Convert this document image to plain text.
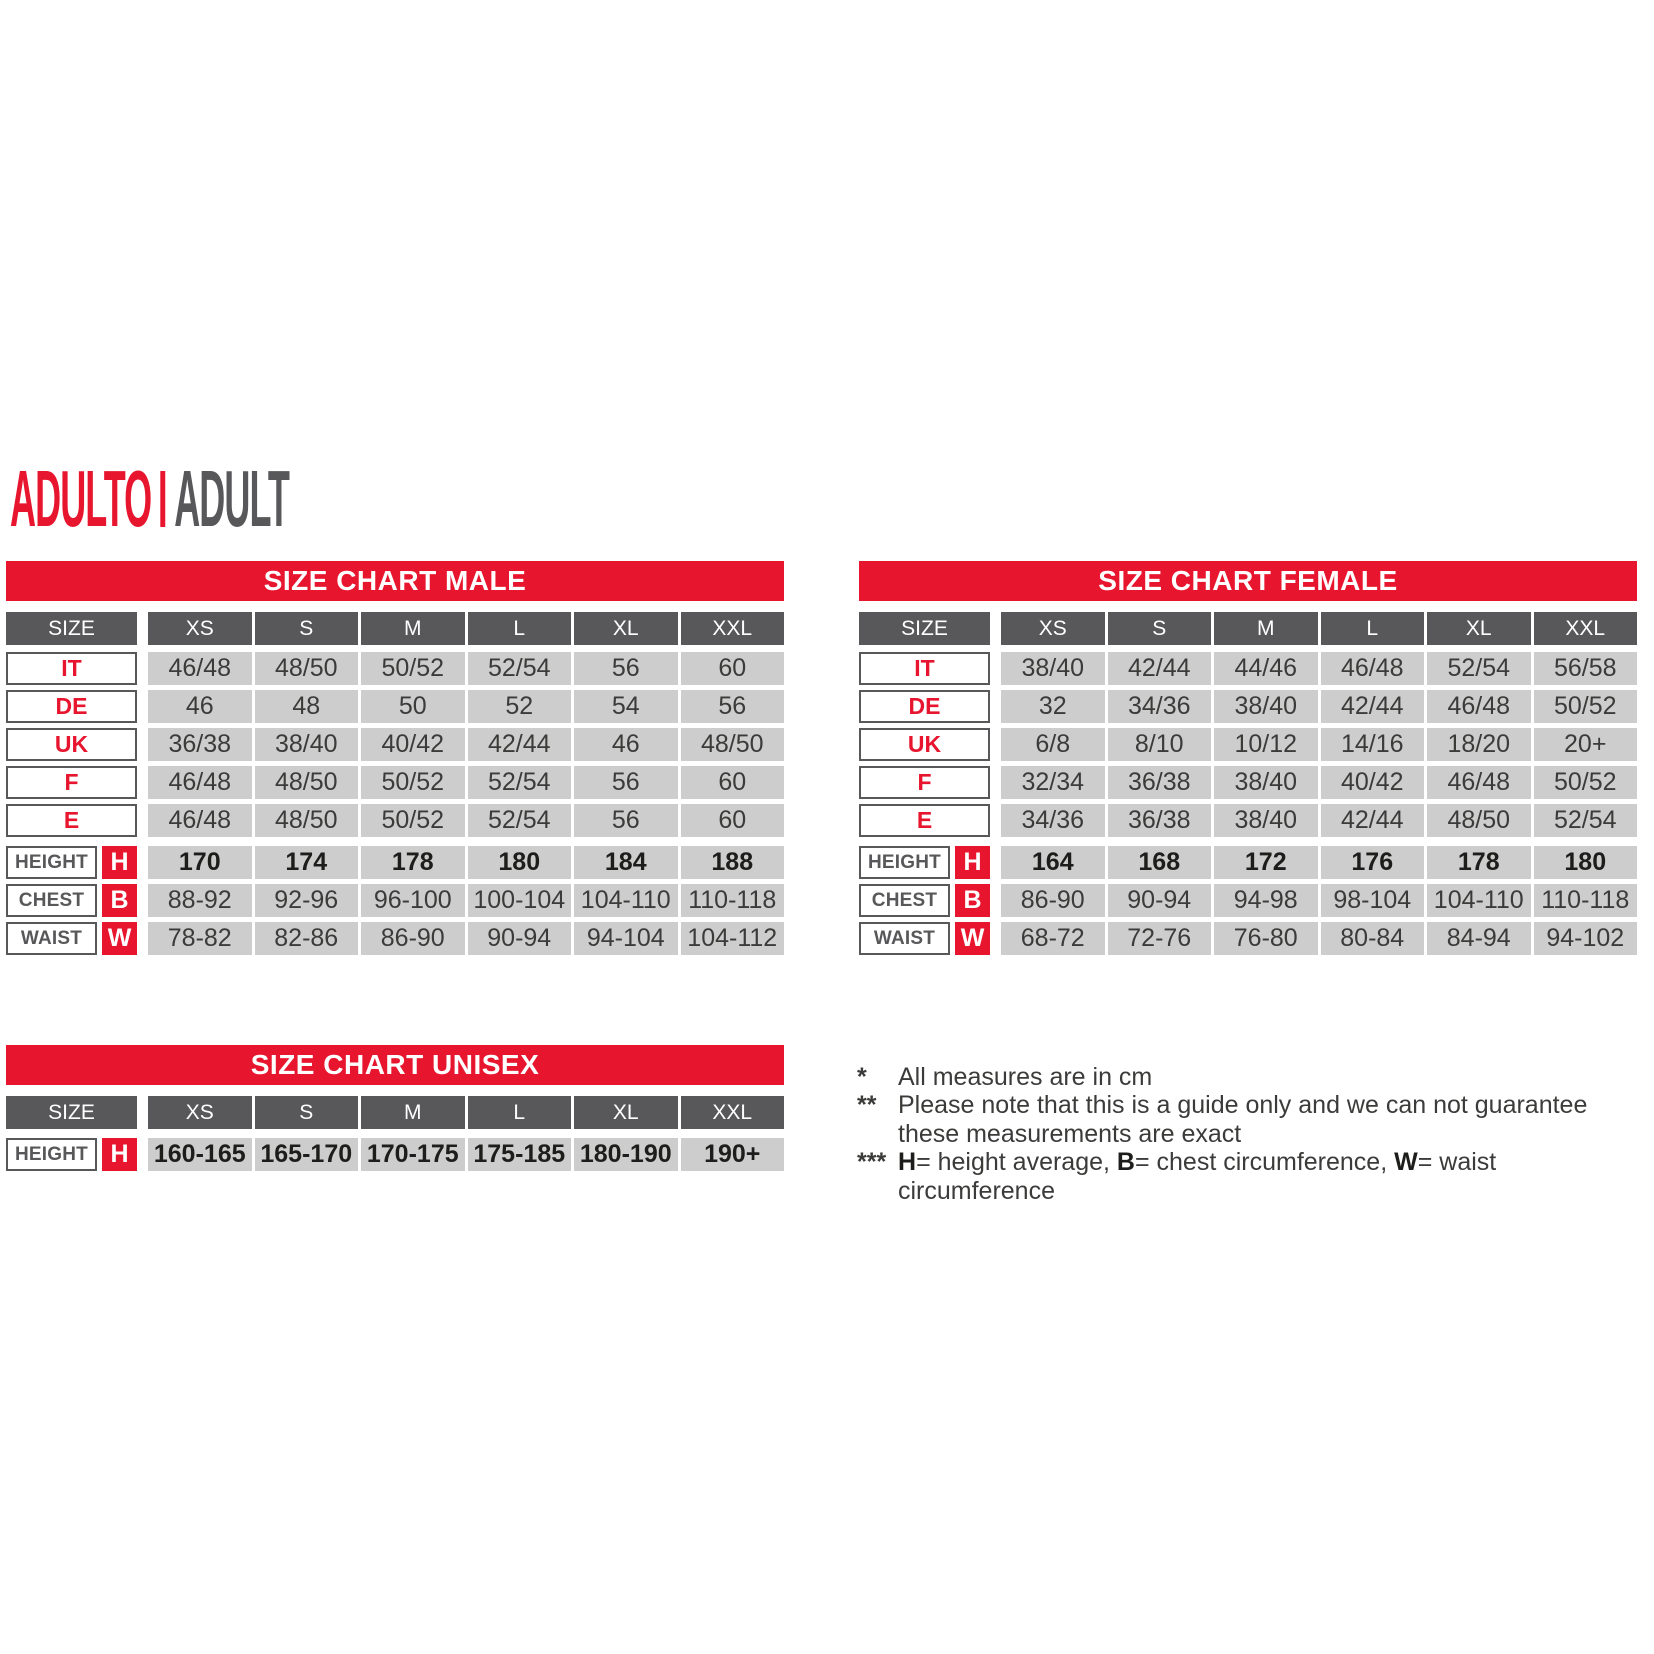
ADULTO ADULT
SIZE CHART MALE
SIZE	XS	S	M	L	XL	XXL
IT	46/48	48/50	50/52	52/54	56	60
DE	46	48	50	52	54	56
UK	36/38	38/40	40/42	42/44	46	48/50
F	46/48	48/50	50/52	52/54	56	60
E	46/48	48/50	50/52	52/54	56	60
HEIGHT H	170	174	178	180	184	188
CHEST	B	88-92	92-96	96-100 100-104 104-110 110-118
WAIST	W	78-82	82-86	86-90	90-94	94-104 104-112
SIZE CHART FEMALE
SIZE	XS	S	M	L	XL	XXL
IT	38/40	42/44	44/46	46/48	52/54	56/58
DE	32	34/36	38/40	42/44	46/48	50/52
UK	6/8	8/10	10/12	14/16	18/20	20+
F	32/34	36/38	38/40	40/42	46/48	50/52
E	34/36	36/38	38/40	42/44	48/50	52/54
HEIGHT H	164	168	172	176	178	180
CHEST	B	86-90	90-94	94-98	98-104 104-110 110-118
WAIST	W	68-72	72-76	76-80	80-84	84-94	94-102
SIZE CHART UNISEX
SIZE	XS	S	M	L	XL	XXL
HEIGHT H	160-165 165-170 170-175 175-185 180-190	190+
*	All measures are in cm
** Please note that this is a guide only and we can not guarantee
these measurements are exact
*** H= height average, B= chest circumference, W= waist circumference
